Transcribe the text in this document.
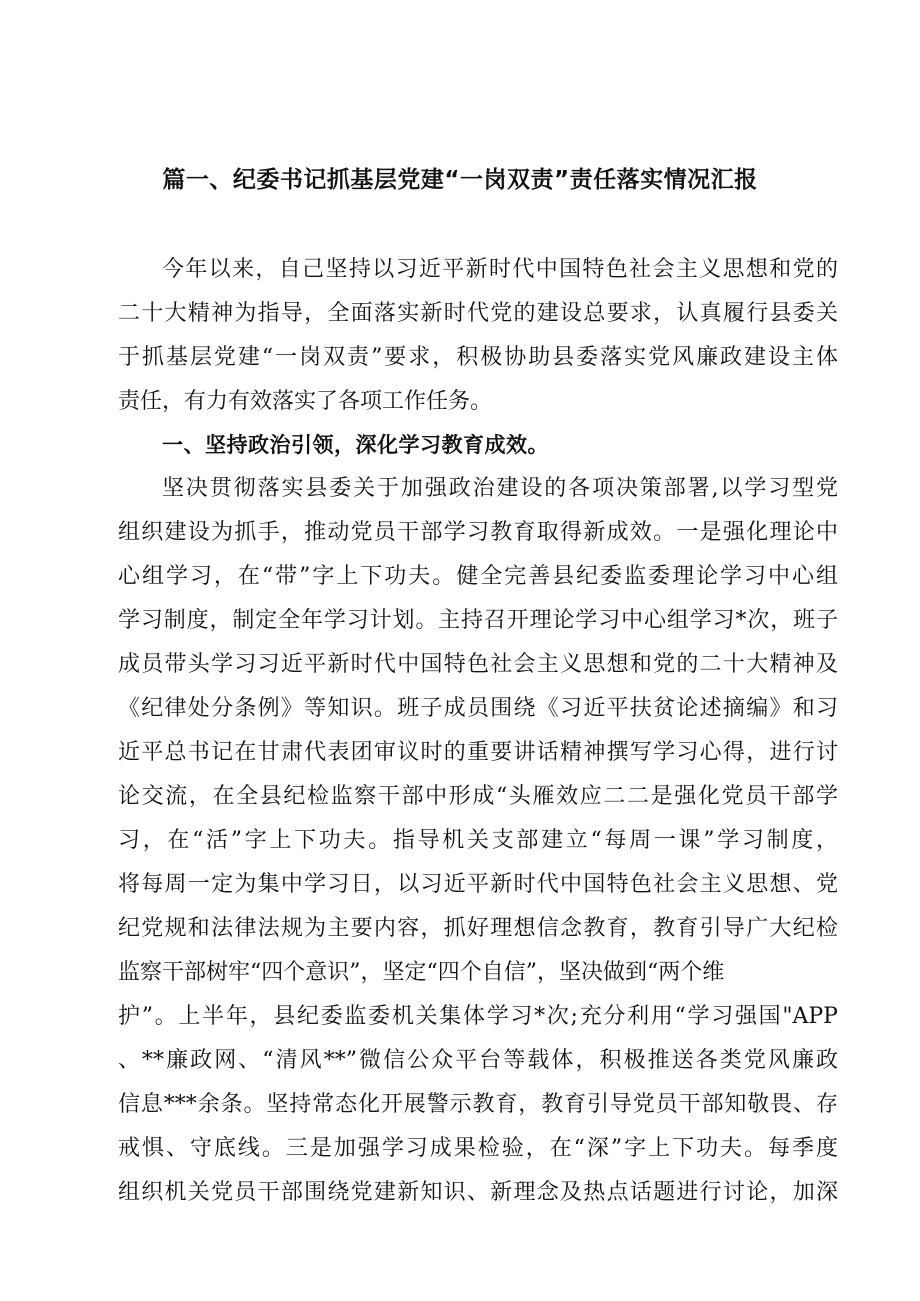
篇一、纪委书记抓基层党建“一岗双责”责任落实情况汇报
今年以来，自己坚持以习近平新时代中国特色社会主义思想和党的
二十大精神为指导，全面落实新时代党的建设总要求，认真履行县委关
于抓基层党建“一岗双责”要求，积极协助县委落实党风廉政建设主体
责任，有力有效落实了各项工作任务。
一、坚持政治引领，深化学习教育成效。
坚决贯彻落实县委关于加强政治建设的各项决策部署,以学习型党
组织建设为抓手，推动党员干部学习教育取得新成效。一是强化理论中
心组学习，在“带”字上下功夫。健全完善县纪委监委理论学习中心组
学习制度，制定全年学习计划。主持召开理论学习中心组学习*次，班子
成员带头学习习近平新时代中国特色社会主义思想和党的二十大精神及
《纪律处分条例》等知识。班子成员围绕《习近平扶贫论述摘编》和习
近平总书记在甘肃代表团审议时的重要讲话精神撰写学习心得，进行讨
论交流，在全县纪检监察干部中形成“头雁效应二二是强化党员干部学
习，在“活”字上下功夫。指导机关支部建立“每周一课”学习制度，
将每周一定为集中学习日，以习近平新时代中国特色社会主义思想、党
纪党规和法律法规为主要内容，抓好理想信念教育，教育引导广大纪检
监察干部树牢“四个意识”，坚定“四个自信”，坚决做到“两个维
护”。上半年，县纪委监委机关集体学习*次;充分利用“学习强国"APP
、**廉政网、“清风**”微信公众平台等载体，积极推送各类党风廉政
信息***余条。坚持常态化开展警示教育，教育引导党员干部知敬畏、存
戒惧、守底线。三是加强学习成果检验，在“深”字上下功夫。每季度
组织机关党员干部围绕党建新知识、新理念及热点话题进行讨论，加深
